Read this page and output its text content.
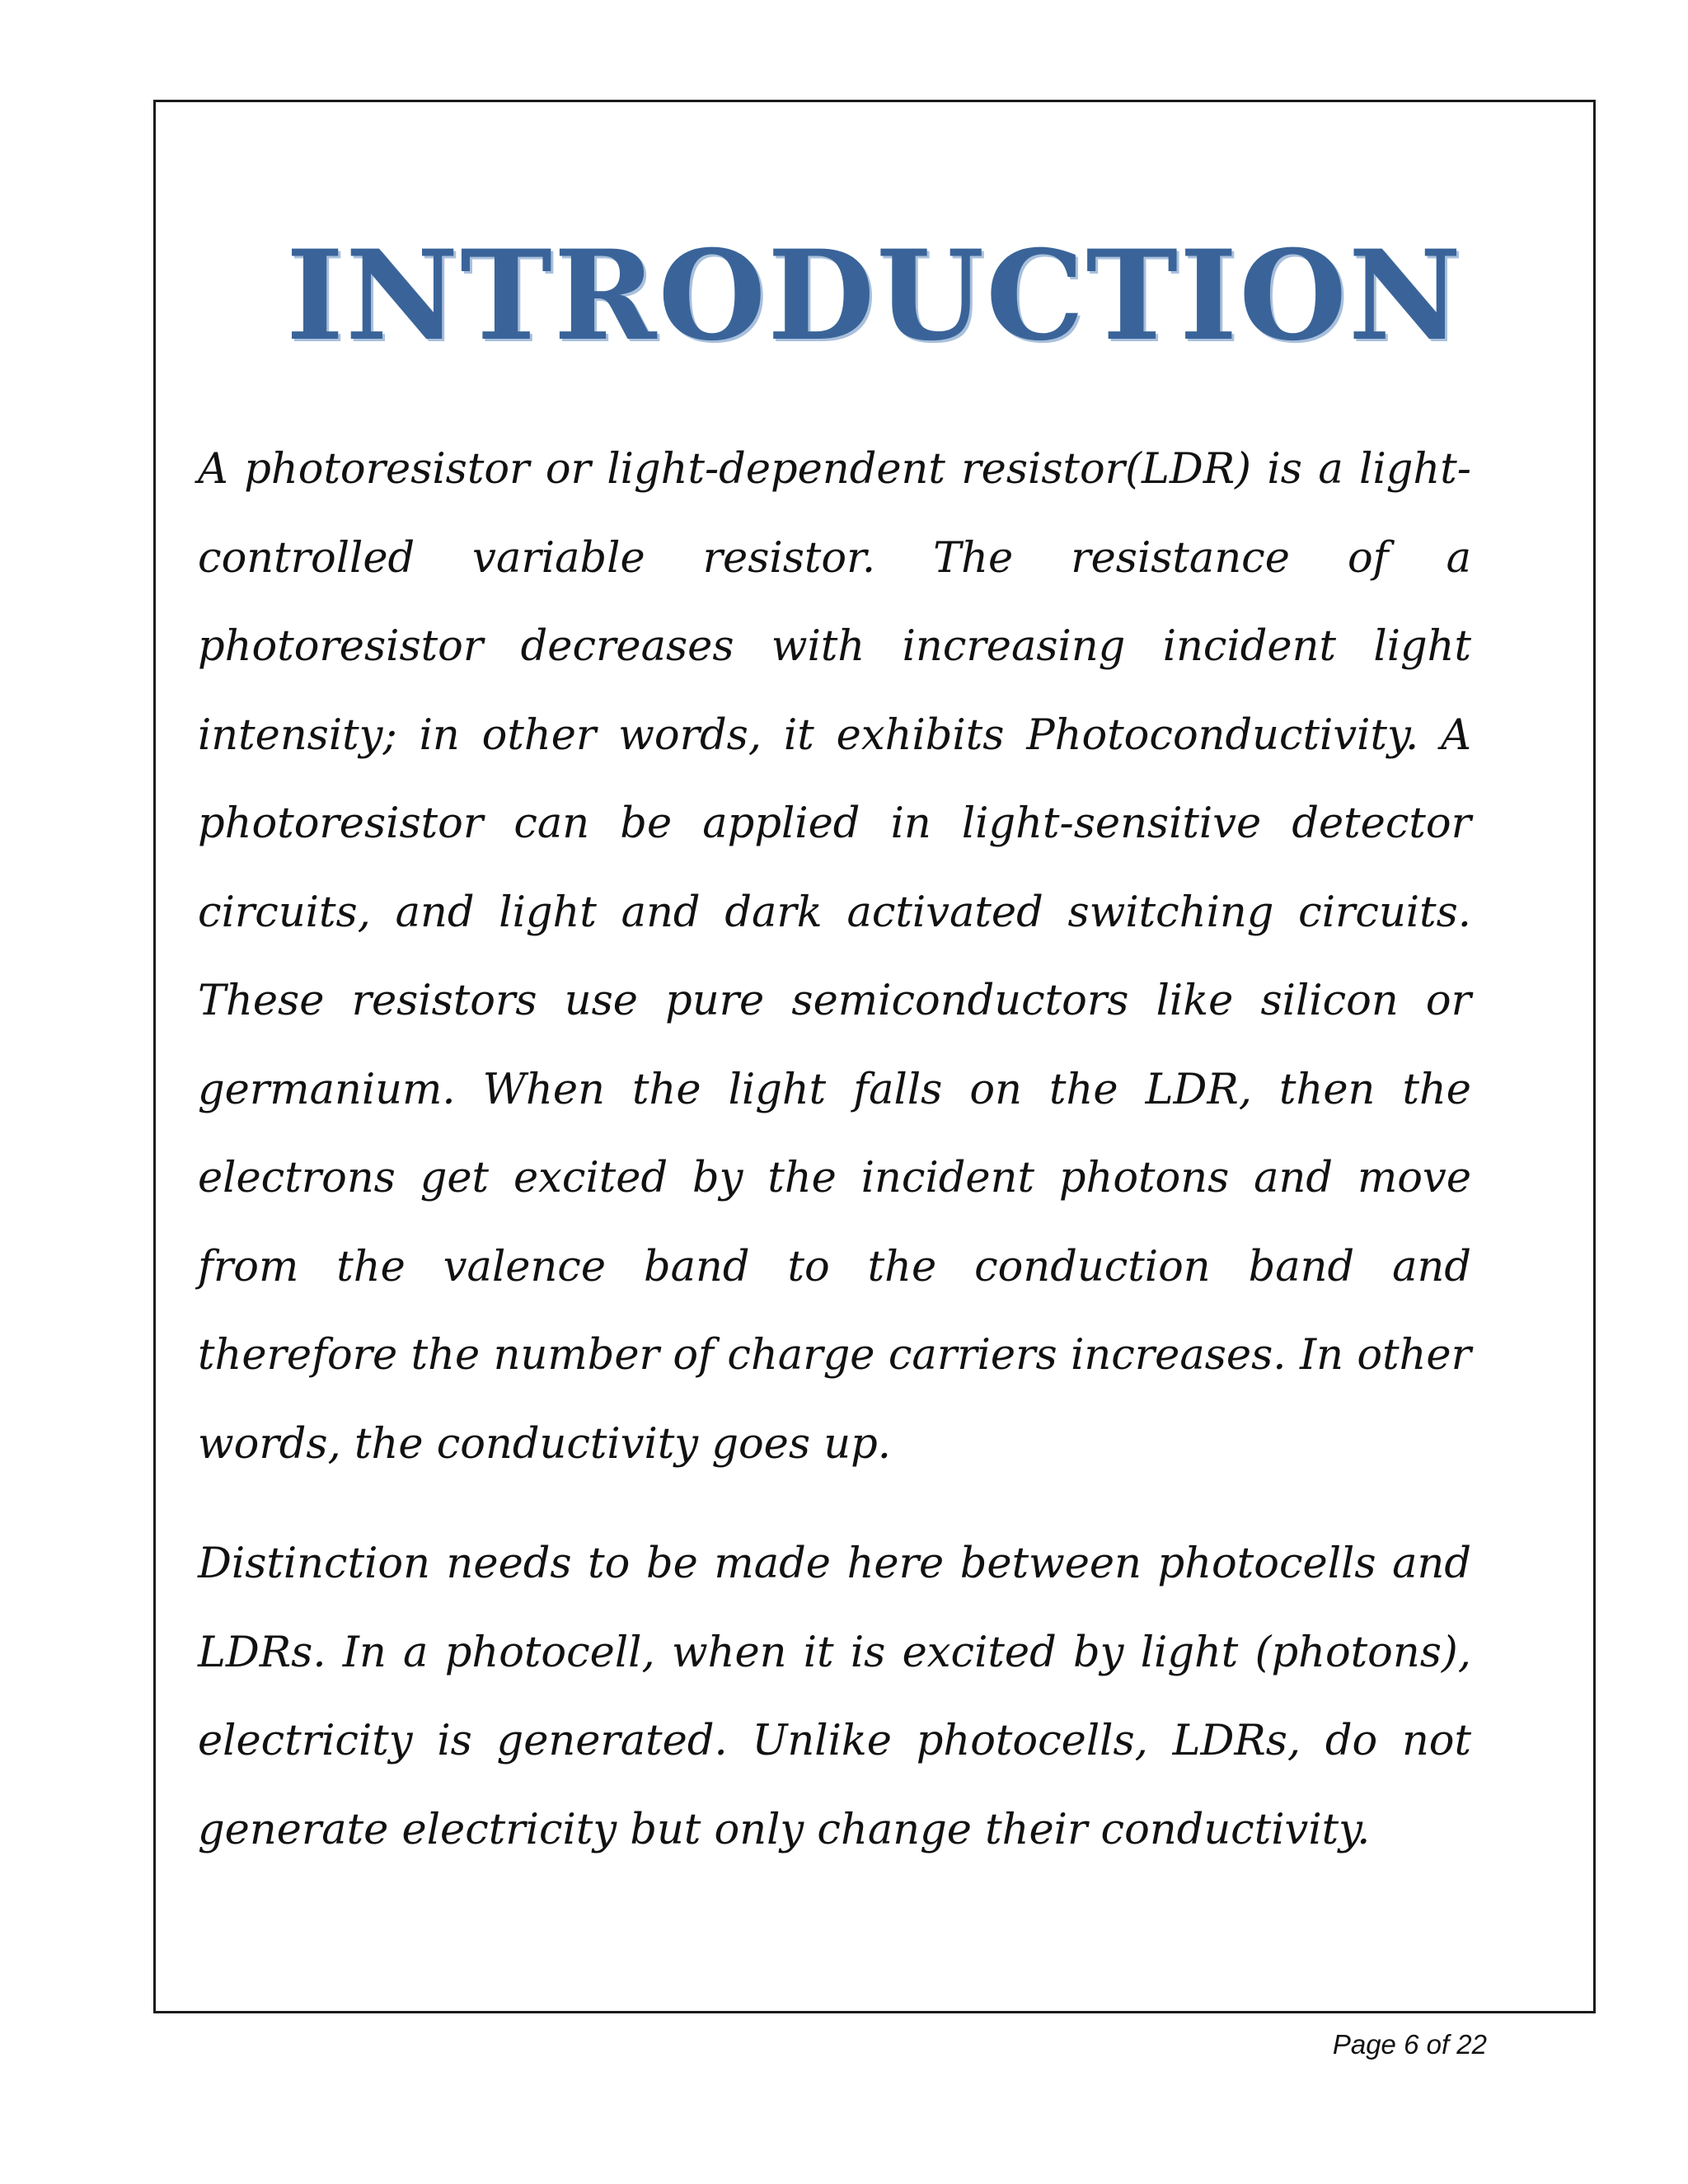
INTRODUCTION

A photoresistor or light-dependent resistor(LDR) is a light-controlled variable resistor. The resistance of a photoresistor decreases with increasing incident light intensity; in other words, it exhibits Photoconductivity. A photoresistor can be applied in light-sensitive detector circuits, and light and dark activated switching circuits. These resistors use pure semiconductors like silicon or germanium. When the light falls on the LDR, then the electrons get excited by the incident photons and move from the valence band to the conduction band and therefore the number of charge carriers increases. In other words, the conductivity goes up.

Distinction needs to be made here between photocells and LDRs. In a photocell, when it is excited by light (photons), electricity is generated. Unlike photocells, LDRs, do not generate electricity but only change their conductivity.

Page 6 of 22
